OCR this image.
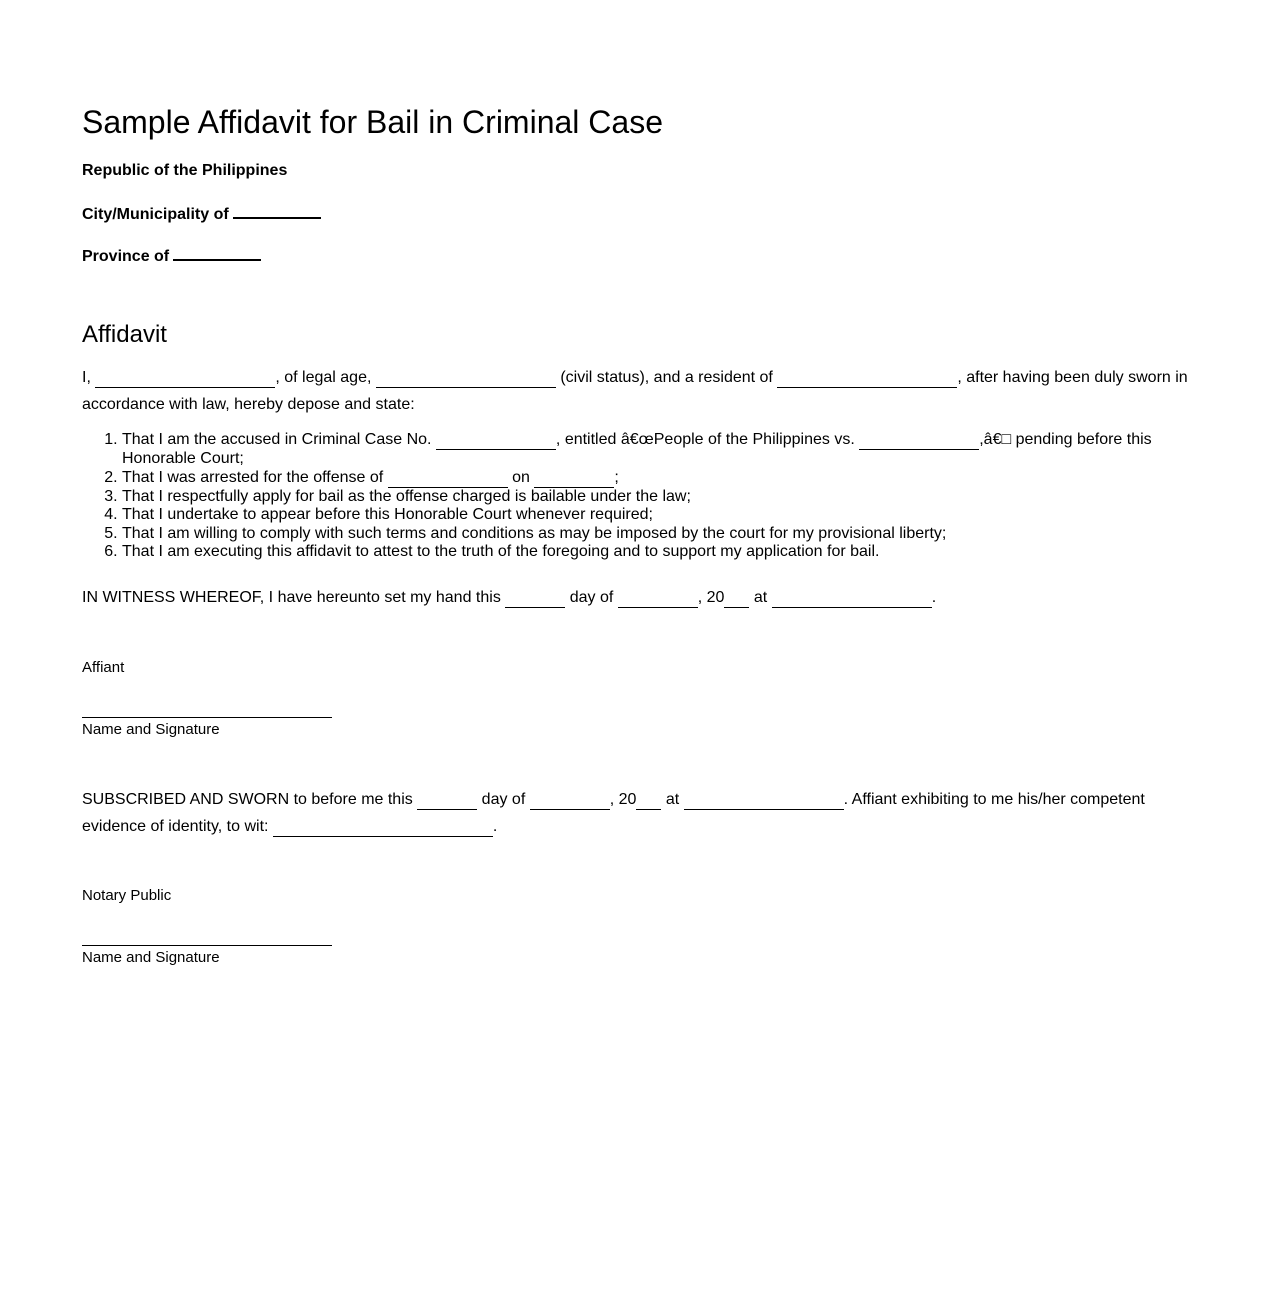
Sample Affidavit for Bail in Criminal Case
Republic of the Philippines
City/Municipality of
Province of
Affidavit
I,	, of legal age,	(civil status), and a resident of	, after having been duly sworn in accordance with law, hereby depose and state:
1. That I am the accused in Criminal Case No.	, entitled â€œPeople of the Philippines vs.	,â€□ pending before this Honorable Court;
2. That I was arrested for the offense of	on	;
3. That I respectfully apply for bail as the offense charged is bailable under the law;
4. That I undertake to appear before this Honorable Court whenever required;
5. That I am willing to comply with such terms and conditions as may be imposed by the court for my provisional liberty;
6. That I am executing this affidavit to attest to the truth of the foregoing and to support my application for bail.
IN WITNESS WHEREOF, I have hereunto set my hand this	day of	, 20 at	.
Affiant
Name and Signature
SUBSCRIBED AND SWORN to before me this	day of	, 20 at	. Affiant exhibiting to me his/her competent evidence of identity, to wit:	.
Notary Public
Name and Signature
